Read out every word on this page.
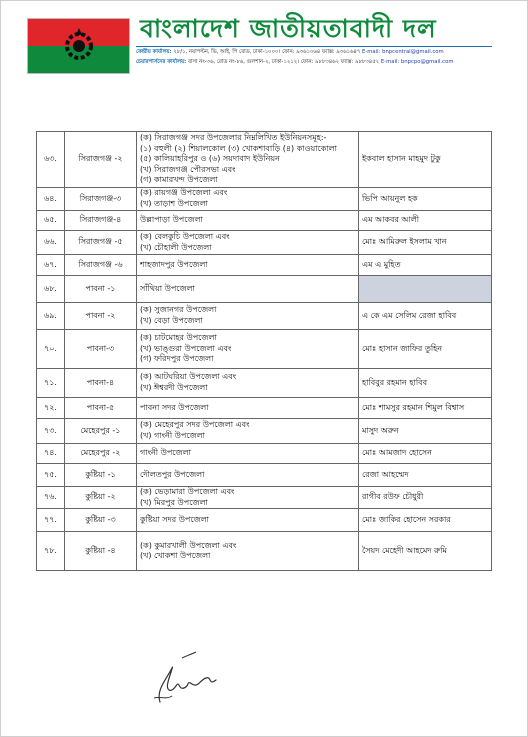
বাংলাদেশ জাতীয়তাবাদী দল
কেন্দ্রীয় কার্যালয়: ২৮/১, নয়াপল্টন, ভি, আই, পি রোড, ঢাকা-১০০০। ফোন: ৯৩৬১০৬৪ ফ্যাক্স: ৯৩৬১৬৪৭ E-mail: bnpcentral@gmail.com
চেয়ারপার্সনের কার্যালয়: বাসা নং-৩৬, রোড নং-৮৬, গুলশান-২, ঢাকা-১২১২। ফোন: ৯৮৮৩৪৬২ ফ্যাক্স: ৯৮৮৩৪৫২ E-mail: bnpcpo@gmail.com
৬৩.	সিরাজগঞ্জ -২	(ক) সিরাজগঞ্জ সদর উপজেলার নিম্নলিখিত ইউনিয়নসমূহ:-
(১) বহুলী (২) শিয়ালকোল (৩) খোকশাবাড়ি (৪) কাওয়াকোলা
(৫) কালিয়াহরিপুর ও (৬) সয়দাবাদ ইউনিয়ন
(খ) সিরাজগঞ্জ পৌরসভা এবং
(গ) কামারখন্দ উপজেলা	ইকবাল হাসান মাহমুদ টুকু
৬৪.	সিরাজগঞ্জ-৩	(ক) রায়গঞ্জ উপজেলা এবং
(খ) তাড়াশ উপজেলা	ভিপি আয়নুল হক
৬৫.	সিরাজগঞ্জ-৪	উল্লাপাড়া উপজেলা	এম আকবর আলী
৬৬.	সিরাজগঞ্জ -৫	(ক) বেলকুচি উপজেলা এবং
(খ) চৌহালী উপজেলা	মোঃ আমিরুল ইসলাম খান
৬৭.	সিরাজগঞ্জ -৬	শাহজাদপুর উপজেলা	এম এ মুহিত
৬৮.	পাবনা -১	সাঁথিয়া উপজেলা	

৬৯.	পাবনা -২	(ক) সুজানগর উপজেলা
(খ) বেড়া উপজেলা	এ কে এম সেলিম রেজা হাবিব
৭০.	পাবনা-৩	(ক) চাটমোহর উপজেলা
(খ) ভাঙ্গুরা উপজেলা এবং
(গ) ফরিদপুর উপজেলা	মোঃ হাসান জাফির তুহিন
৭১.	পাবনা-৪	(ক) আটঘরিয়া উপজেলা এবং
(খ) ঈশ্বরদী উপজেলা	হাবিবুর রহমান হাবিব
৭২.	পাবনা-৫	পাবনা সদর উপজেলা	মোঃ শামসুর রহমান শিমুল বিশ্বাস
৭৩.	মেহেরপুর -১	(ক) মেহেরপুর সদর উপজেলা এবং
(খ) গাংনী উপজেলা	মাসুদ অরুন
৭৪.	মেহেরপুর -২	গাংনী উপজেলা	মোঃ আমজাদ হোসেন
৭৫.	কুষ্টিয়া -১	দৌলতপুর উপজেলা	রেজা আহম্মেদ
৭৬.	কুষ্টিয়া -২	(ক) ভেড়ামারা উপজেলা এবং
(খ) মিরপুর উপজেলা	রাগীব রউফ চৌধুরী
৭৭.	কুষ্টিয়া -৩	কুষ্টিয়া সদর উপজেলা	মোঃ জাকির হোসেন সরকার
৭৮.	কুষ্টিয়া -৪	(ক) কুমারখালী উপজেলা এবং
(খ) খোকশা উপজেলা	সৈয়দ মেহেদী আহমেদ রুমি
